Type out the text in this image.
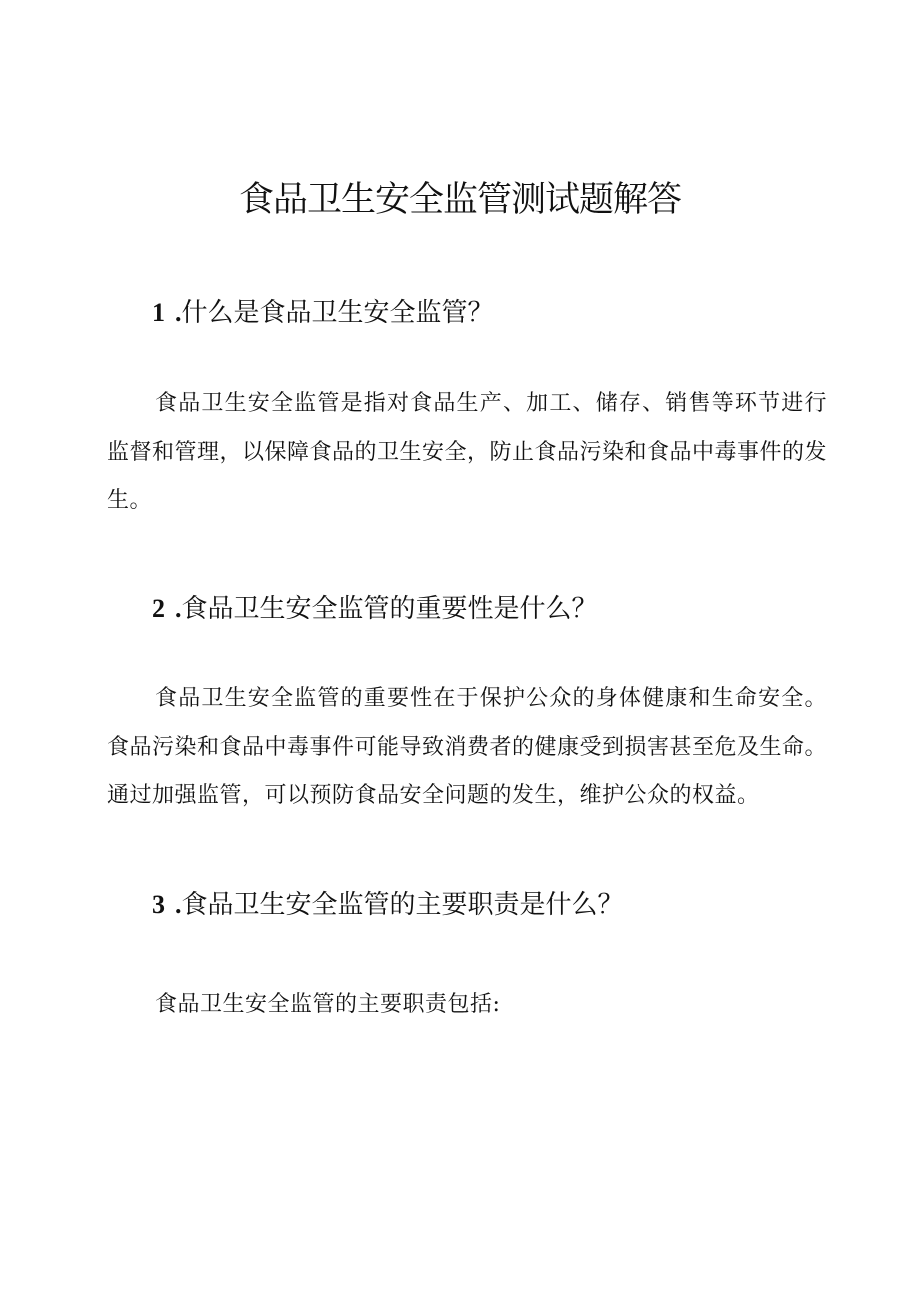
食品卫生安全监管测试题解答
1 .什么是食品卫生安全监管？

食品卫生安全监管是指对食品生产、加工、储存、销售等环节进行监督和管理，以保障食品的卫生安全，防止食品污染和食品中毒事件的发生。

2 .食品卫生安全监管的重要性是什么？

食品卫生安全监管的重要性在于保护公众的身体健康和生命安全。食品污染和食品中毒事件可能导致消费者的健康受到损害甚至危及生命。通过加强监管，可以预防食品安全问题的发生，维护公众的权益。

3 .食品卫生安全监管的主要职责是什么？

食品卫生安全监管的主要职责包括:
